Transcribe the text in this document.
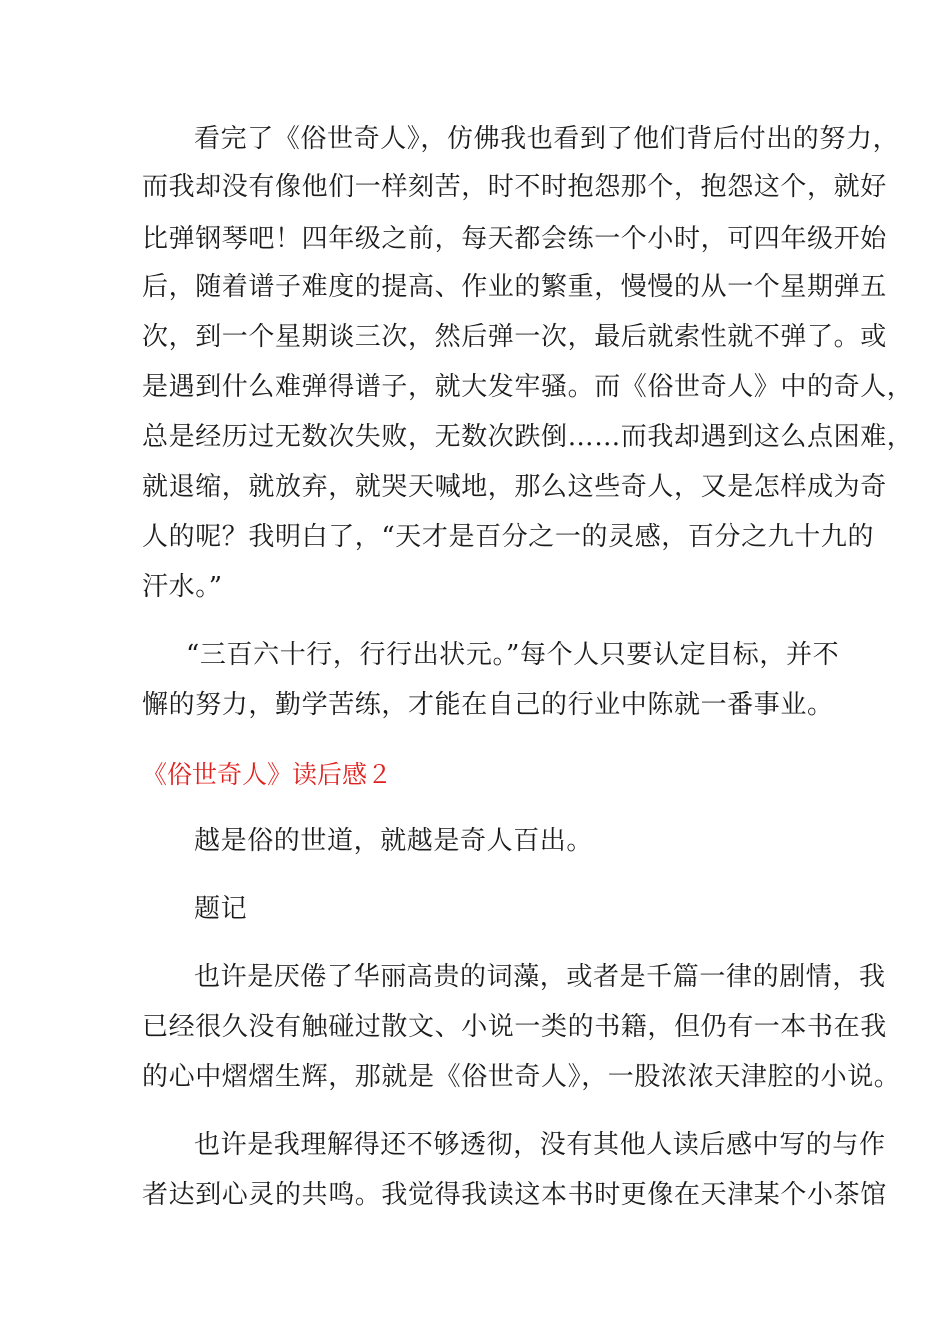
看完了《俗世奇人》，仿佛我也看到了他们背后付出的努力，
而我却没有像他们一样刻苦，时不时抱怨那个，抱怨这个，就好
比弹钢琴吧！四年级之前，每天都会练一个小时，可四年级开始
后，随着谱子难度的提高、作业的繁重，慢慢的从一个星期弹五
次，到一个星期谈三次，然后弹一次，最后就索性就不弹了。或
是遇到什么难弹得谱子，就大发牢骚。而《俗世奇人》中的奇人，
总是经历过无数次失败，无数次跌倒……而我却遇到这么点困难，
就退缩，就放弃，就哭天喊地，那么这些奇人，又是怎样成为奇
人的呢？我明白了，“天才是百分之一的灵感，百分之九十九的
汗水。”
“三百六十行，行行出状元。”每个人只要认定目标，并不
懈的努力，勤学苦练，才能在自己的行业中陈就一番事业。
《俗世奇人》读后感２
越是俗的世道，就越是奇人百出。
题记
也许是厌倦了华丽高贵的词藻，或者是千篇一律的剧情，我
已经很久没有触碰过散文、小说一类的书籍，但仍有一本书在我
的心中熠熠生辉，那就是《俗世奇人》，一股浓浓天津腔的小说。
也许是我理解得还不够透彻，没有其他人读后感中写的与作
者达到心灵的共鸣。我觉得我读这本书时更像在天津某个小茶馆
